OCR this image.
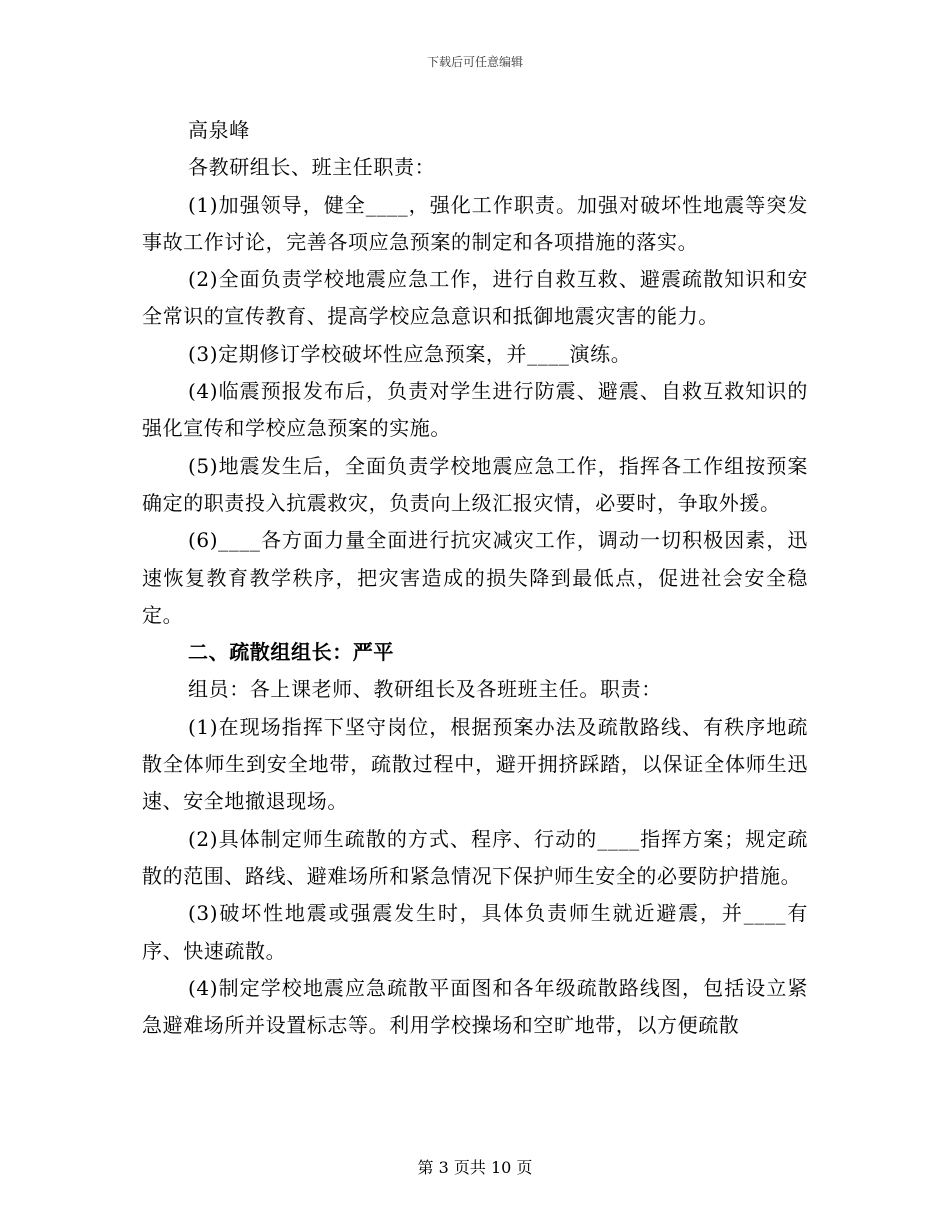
下载后可任意编辑

高泉峰

各教研组长、班主任职责：

(1)加强领导，健全____，强化工作职责。加强对破坏性地震等突发事故工作讨论，完善各项应急预案的制定和各项措施的落实。

(2)全面负责学校地震应急工作，进行自救互救、避震疏散知识和安全常识的宣传教育、提高学校应急意识和抵御地震灾害的能力。

(3)定期修订学校破坏性应急预案，并____演练。

(4)临震预报发布后，负责对学生进行防震、避震、自救互救知识的强化宣传和学校应急预案的实施。

(5)地震发生后，全面负责学校地震应急工作，指挥各工作组按预案确定的职责投入抗震救灾，负责向上级汇报灾情，必要时，争取外援。

(6)____各方面力量全面进行抗灾减灾工作，调动一切积极因素，迅速恢复教育教学秩序，把灾害造成的损失降到最低点，促进社会安全稳定。

二、疏散组组长：严平

组员：各上课老师、教研组长及各班班主任。职责：

(1)在现场指挥下坚守岗位，根据预案办法及疏散路线、有秩序地疏散全体师生到安全地带，疏散过程中，避开拥挤踩踏，以保证全体师生迅速、安全地撤退现场。

(2)具体制定师生疏散的方式、程序、行动的____指挥方案；规定疏散的范围、路线、避难场所和紧急情况下保护师生安全的必要防护措施。

(3)破坏性地震或强震发生时，具体负责师生就近避震，并____有序、快速疏散。

(4)制定学校地震应急疏散平面图和各年级疏散路线图，包括设立紧急避难场所并设置标志等。利用学校操场和空旷地带，以方便疏散

第 3 页共 10 页
